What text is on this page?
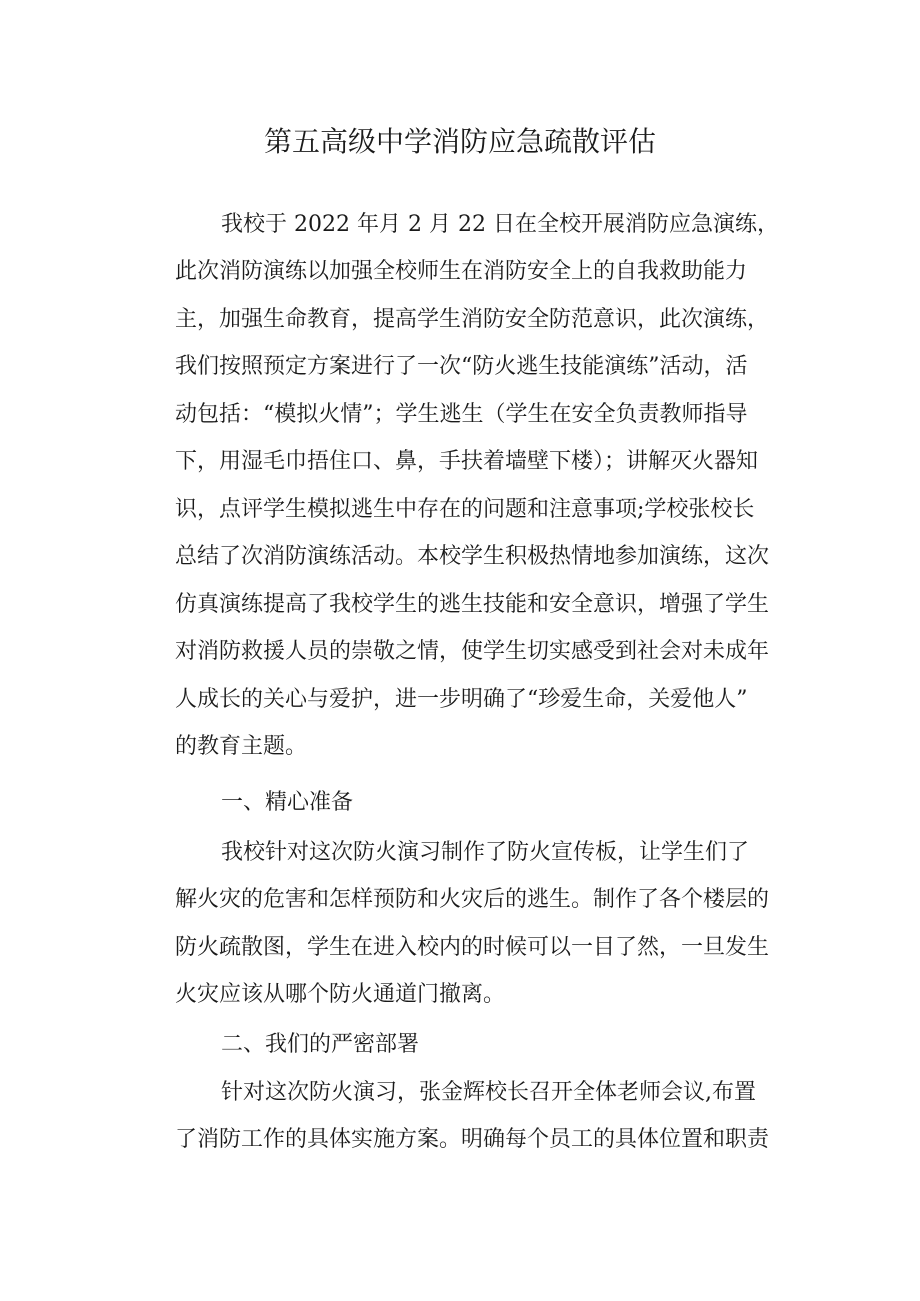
第五高级中学消防应急疏散评估
我校于 2022 年月 2 月 22 日在全校开展消防应急演练，
此次消防演练以加强全校师生在消防安全上的自我救助能力
主，加强生命教育，提高学生消防安全防范意识，此次演练，
我们按照预定方案进行了一次“防火逃生技能演练”活动，活
动包括：“模拟火情”；学生逃生（学生在安全负责教师指导
下，用湿毛巾捂住口、鼻，手扶着墙壁下楼）；讲解灭火器知
识，点评学生模拟逃生中存在的问题和注意事项;学校张校长
总结了次消防演练活动。本校学生积极热情地参加演练，这次
仿真演练提高了我校学生的逃生技能和安全意识，增强了学生
对消防救援人员的崇敬之情，使学生切实感受到社会对未成年
人成长的关心与爱护，进一步明确了“珍爱生命，关爱他人”
的教育主题。
一、精心准备
我校针对这次防火演习制作了防火宣传板，让学生们了
解火灾的危害和怎样预防和火灾后的逃生。制作了各个楼层的
防火疏散图，学生在进入校内的时候可以一目了然，一旦发生
火灾应该从哪个防火通道门撤离。
二、我们的严密部署
针对这次防火演习，张金辉校长召开全体老师会议,布置
了消防工作的具体实施方案。明确每个员工的具体位置和职责
